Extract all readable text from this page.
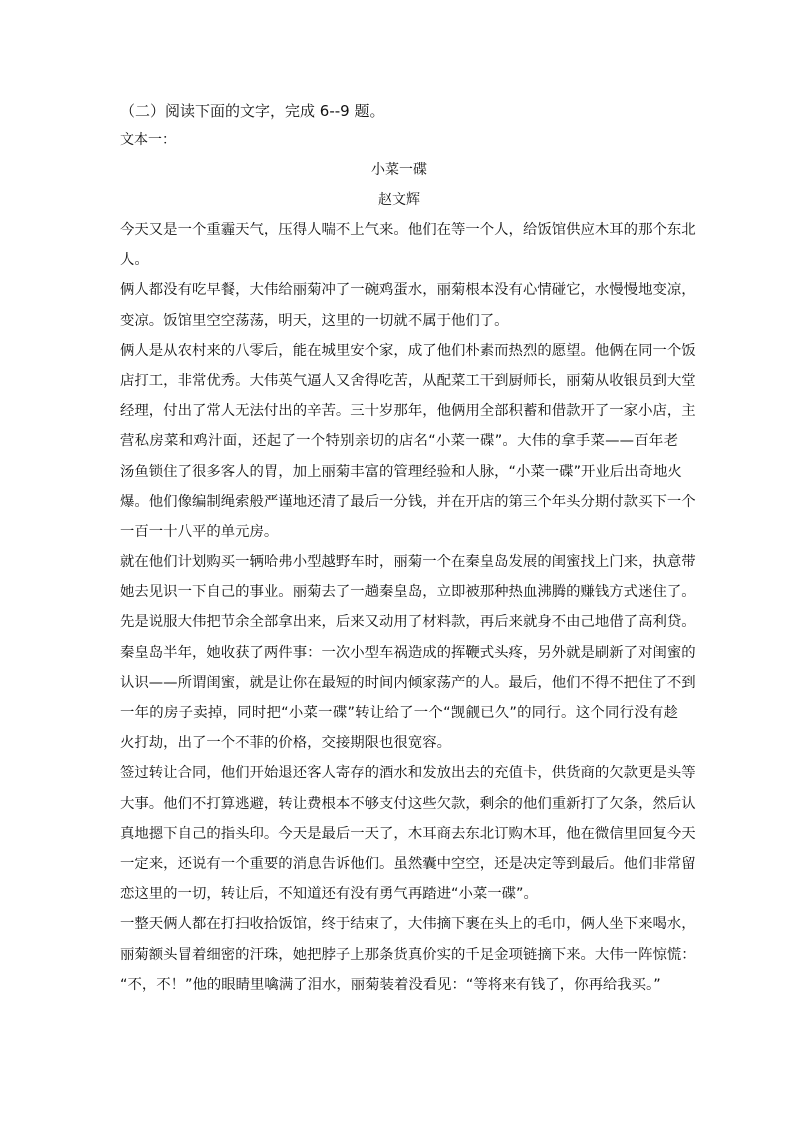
（二）阅读下面的文字，完成 6--9 题。
文本一：
小菜一碟
赵文辉
今天又是一个重霾天气，压得人喘不上气来。他们在等一个人，给饭馆供应木耳的那个东北
人。
俩人都没有吃早餐，大伟给丽菊冲了一碗鸡蛋水，丽菊根本没有心情碰它，水慢慢地变凉，
变凉。饭馆里空空荡荡，明天，这里的一切就不属于他们了。
俩人是从农村来的八零后，能在城里安个家，成了他们朴素而热烈的愿望。他俩在同一个饭
店打工，非常优秀。大伟英气逼人又舍得吃苦，从配菜工干到厨师长，丽菊从收银员到大堂
经理，付出了常人无法付出的辛苦。三十岁那年，他俩用全部积蓄和借款开了一家小店，主
营私房菜和鸡汁面，还起了一个特别亲切的店名“小菜一碟”。大伟的拿手菜——百年老
汤鱼锁住了很多客人的胃，加上丽菊丰富的管理经验和人脉，“小菜一碟”开业后出奇地火
爆。他们像编制绳索般严谨地还清了最后一分钱，并在开店的第三个年头分期付款买下一个
一百一十八平的单元房。
就在他们计划购买一辆哈弗小型越野车时，丽菊一个在秦皇岛发展的闺蜜找上门来，执意带
她去见识一下自己的事业。丽菊去了一趟秦皇岛，立即被那种热血沸腾的赚钱方式迷住了。
先是说服大伟把节余全部拿出来，后来又动用了材料款，再后来就身不由己地借了高利贷。
秦皇岛半年，她收获了两件事：一次小型车祸造成的挥鞭式头疼，另外就是刷新了对闺蜜的
认识——所谓闺蜜，就是让你在最短的时间内倾家荡产的人。最后，他们不得不把住了不到
一年的房子卖掉，同时把“小菜一碟”转让给了一个“觊觎已久”的同行。这个同行没有趁
火打劫，出了一个不菲的价格，交接期限也很宽容。
签过转让合同，他们开始退还客人寄存的酒水和发放出去的充值卡，供货商的欠款更是头等
大事。他们不打算逃避，转让费根本不够支付这些欠款，剩余的他们重新打了欠条，然后认
真地摁下自己的指头印。今天是最后一天了，木耳商去东北订购木耳，他在微信里回复今天
一定来，还说有一个重要的消息告诉他们。虽然囊中空空，还是决定等到最后。他们非常留
恋这里的一切，转让后，不知道还有没有勇气再踏进“小菜一碟”。
一整天俩人都在打扫收拾饭馆，终于结束了，大伟摘下裹在头上的毛巾，俩人坐下来喝水，
丽菊额头冒着细密的汗珠，她把脖子上那条货真价实的千足金项链摘下来。大伟一阵惊慌：
“不，不！”他的眼睛里噙满了泪水，丽菊装着没看见：“等将来有钱了，你再给我买。”
